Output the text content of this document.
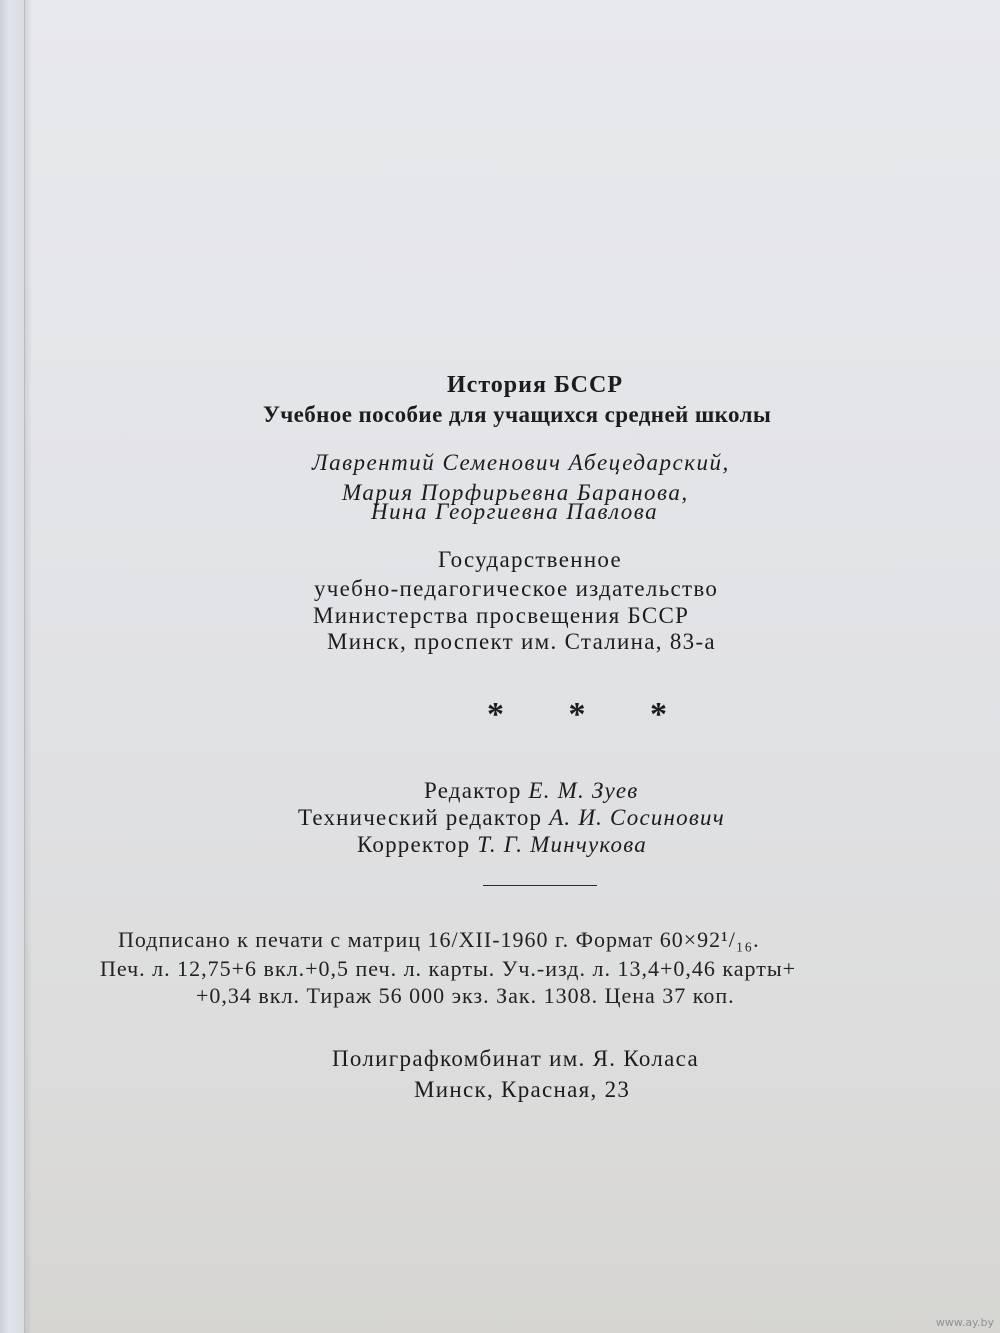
История БССР
Учебное пособие для учащихся средней школы
Лаврентий Семенович Абецедарский,
Мария Порфирьевна Баранова,
Нина Георгиевна Павлова
Государственное
учебно-педагогическое издательство
Министерства просвещения БССР
Минск, проспект им. Сталина, 83-а
* * *
Редактор Е. М. Зуев
Технический редактор А. И. Сосинович
Корректор Т. Г. Минчукова
Подписано к печати с матриц 16/XII-1960 г. Формат 60×92¹/₁₆.
Печ. л. 12,75+6 вкл.+0,5 печ. л. карты. Уч.-изд. л. 13,4+0,46 карты+
+0,34 вкл. Тираж 56 000 экз. Зак. 1308. Цена 37 коп.
Полиграфкомбинат им. Я. Коласа
Минск, Красная, 23
www.ay.by
